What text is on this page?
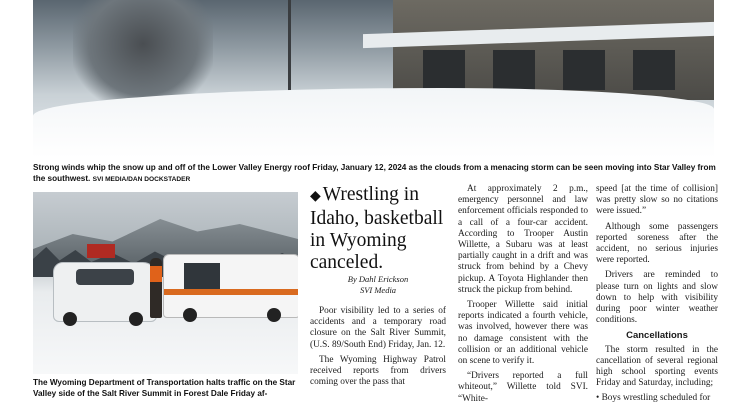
Strong winds whip the snow up and off of the Lower Valley Energy roof Friday, January 12, 2024 as the clouds from a menacing storm can be seen moving into Star Valley from the southwest. SVI MEDIA/DAN DOCKSTADER
The Wyoming Department of Transportation halts traffic on the Star Valley side of the Salt River Summit in Forest Dale Friday af-
◆ Wrestling in Idaho, basketball in Wyoming canceled.
By Dahl Erickson
SVI Media

Poor visibility led to a series of accidents and a temporary road closure on the Salt River Summit, (U.S. 89/South End) Friday, Jan. 12.

The Wyoming Highway Patrol received reports from drivers coming over the pass that

At approximately 2 p.m., emergency personnel and law enforcement officials responded to a call of a four-car accident. According to Trooper Austin Willette, a Subaru was at least partially caught in a drift and was struck from behind by a Chevy pickup. A Toyota Highlander then struck the pickup from behind.

Trooper Willette said initial reports indicated a fourth vehicle, was involved, however there was no damage consistent with the collision or an additional vehicle on scene to verify it.

“Drivers reported a full whiteout,” Willette told SVI. “White-

speed [at the time of collision] was pretty slow so no citations were issued.”

Although some passengers reported soreness after the accident, no serious injuries were reported.

Drivers are reminded to please turn on lights and slow down to help with visibility during poor winter weather conditions.

Cancellations

The storm resulted in the cancellation of several regional high school sporting events Friday and Saturday, including;

• Boys wrestling scheduled for
